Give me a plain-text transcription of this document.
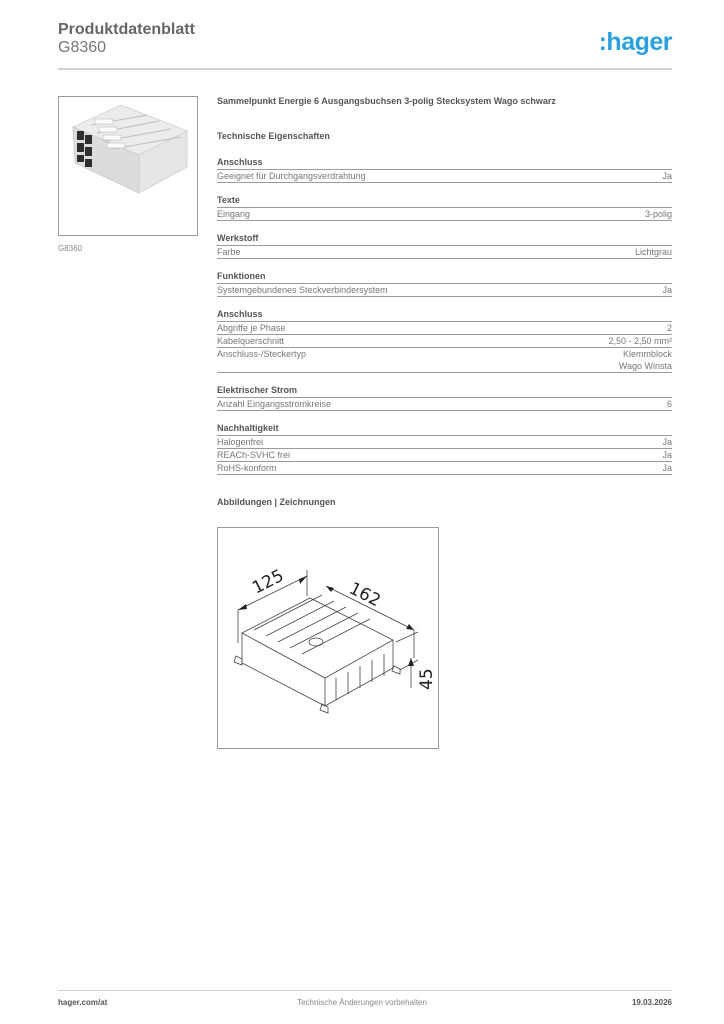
Produktdatenblatt
G8360	:hager
G8360
Sammelpunkt Energie 6 Ausgangsbuchsen 3-polig Stecksystem Wago schwarz
Technische Eigenschaften
Anschluss
Geeignet für Durchgangsverdrahtung	Ja
Texte
Eingang	3-polig
Werkstoff
Farbe	Lichtgrau
Funktionen
Systemgebundenes Steckverbindersystem	Ja
Anschluss
Abgriffe je Phase	2
Kabelquerschnitt	2,50 - 2,50 mm²
Anschluss-/Steckertyp	Klemmblock
Wago Winsta
Elektrischer Strom
Anzahl Eingangsstromkreise	6
Nachhaltigkeit
Halogenfrei	Ja
REACh-SVHC frei	Ja
RoHS-konform	Ja
Abbildungen | Zeichnungen
125	162
45
hager.com/at	Technische Änderungen vorbehalten	19.03.2026
